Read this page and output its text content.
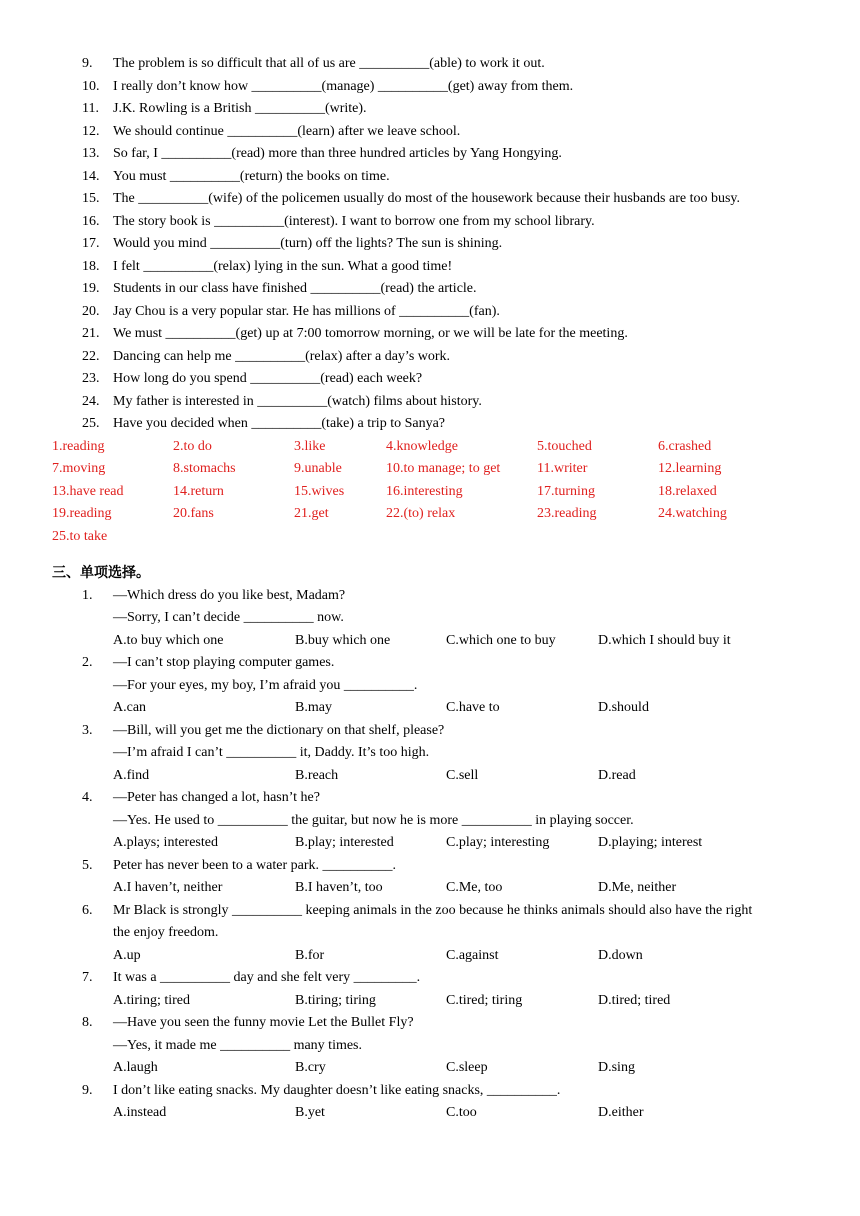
9. The problem is so difficult that all of us are __________(able) to work it out.
10. I really don’t know how __________(manage) __________(get) away from them.
11. J.K. Rowling is a British __________(write).
12. We should continue __________(learn) after we leave school.
13. So far, I __________(read) more than three hundred articles by Yang Hongying.
14. You must __________(return) the books on time.
15. The __________(wife) of the policemen usually do most of the housework because their husbands are too busy.
16. The story book is __________(interest). I want to borrow one from my school library.
17. Would you mind __________(turn) off the lights? The sun is shining.
18. I felt __________(relax) lying in the sun. What a good time!
19. Students in our class have finished __________(read) the article.
20. Jay Chou is a very popular star. He has millions of __________(fan).
21. We must __________(get) up at 7:00 tomorrow morning, or we will be late for the meeting.
22. Dancing can help me __________(relax) after a day’s work.
23. How long do you spend __________(read) each week?
24. My father is interested in __________(watch) films about history.
25. Have you decided when __________(take) a trip to Sanya?
1.reading	2.to do	3.like	4.knowledge	5.touched	6.crashed
7.moving	8.stomachs	9.unable	10.to manage; to get	11.writer	12.learning
13.have read	14.return	15.wives	16.interesting	17.turning	18.relaxed
19.reading	20.fans	21.get	22.(to) relax	23.reading	24.watching
25.to take
三、单项选择。
1. —Which dress do you like best, Madam?
—Sorry, I can’t decide __________ now.
A.to buy which one	B.buy which one	C.which one to buy	D.which I should buy it
2. —I can’t stop playing computer games.
—For your eyes, my boy, I’m afraid you __________.
A.can	B.may	C.have to	D.should
3. —Bill, will you get me the dictionary on that shelf, please?
—I’m afraid I can’t __________ it, Daddy. It’s too high.
A.find	B.reach	C.sell	D.read
4. —Peter has changed a lot, hasn’t he?
—Yes. He used to __________ the guitar, but now he is more __________ in playing soccer.
A.plays; interested	B.play; interested	C.play; interesting	D.playing; interest
5. Peter has never been to a water park. __________.
A.I haven’t, neither	B.I haven’t, too	C.Me, too	D.Me, neither
6. Mr Black is strongly __________ keeping animals in the zoo because he thinks animals should also have the right
the enjoy freedom.
A.up	B.for	C.against	D.down
7. It was a __________ day and she felt very _________.
A.tiring; tired	B.tiring; tiring	C.tired; tiring	D.tired; tired
8. —Have you seen the funny movie Let the Bullet Fly?
—Yes, it made me __________ many times.
A.laugh	B.cry	C.sleep	D.sing
9. I don’t like eating snacks. My daughter doesn’t like eating snacks, __________.
A.instead	B.yet	C.too	D.either
